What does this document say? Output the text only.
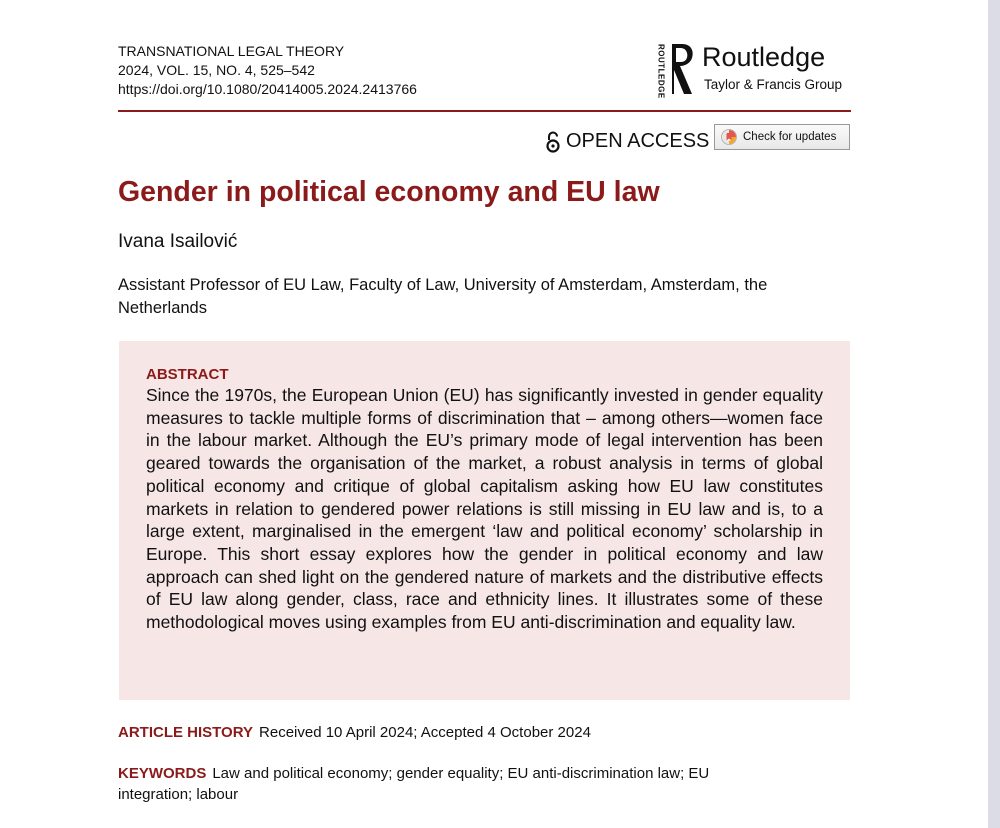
TRANSNATIONAL LEGAL THEORY
2024, VOL. 15, NO. 4, 525–542
https://doi.org/10.1080/20414005.2024.2413766	ROUTLEDGE Routledge
Taylor & Francis Group
OPEN ACCESS	Check for updates
Gender in political economy and EU law
Ivana Isailović
Assistant Professor of EU Law, Faculty of Law, University of Amsterdam, Amsterdam, the Netherlands
ABSTRACT
Since the 1970s, the European Union (EU) has significantly invested in gender equality measures to tackle multiple forms of discrimination that – among others—women face in the labour market. Although the EU’s primary mode of legal intervention has been geared towards the organisation of the market, a robust analysis in terms of global political economy and critique of global capitalism asking how EU law constitutes markets in relation to gendered power relations is still missing in EU law and is, to a large extent, marginalised in the emergent ‘law and political economy’ scholarship in Europe. This short essay explores how the gender in political economy and law approach can shed light on the gendered nature of markets and the distributive effects of EU law along gender, class, race and ethnicity lines. It illustrates some of these methodological moves using examples from EU anti-discrimination and equality law.
ARTICLE HISTORY Received 10 April 2024; Accepted 4 October 2024
KEYWORDS Law and political economy; gender equality; EU anti-discrimination law; EU integration; labour
